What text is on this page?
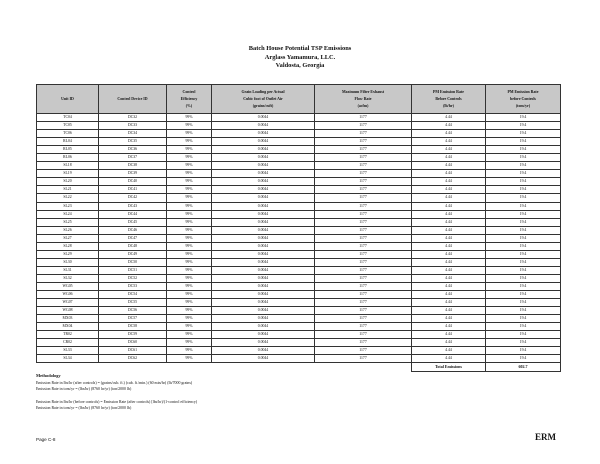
Batch House Potential TSP Emissions
Arglass Yamamura, LLC.
Valdosta, Georgia
Unit ID	Control Device ID	Control
Efficiency
(%)	Grain Loading per Actual
Cubic foot of Outlet Air
(grains/cuft)	Maximum Filter Exhaust
Flow Rate
(acfm)	PM Emission Rate
Before Controls
(lb/hr)	PM Emission Rate
before Controls
(tons/yr)
TC04	DC32	99%	0.0044	1177	4.44	19.4
TC05	DC33	99%	0.0044	1177	4.44	19.4
TC06	DC34	99%	0.0044	1177	4.44	19.4
RL04	DC35	99%	0.0044	1177	4.44	19.4
RL05	DC36	99%	0.0044	1177	4.44	19.4
RL06	DC37	99%	0.0044	1177	4.44	19.4
SL18	DC38	99%	0.0044	1177	4.44	19.4
SL19	DC39	99%	0.0044	1177	4.44	19.4
SL20	DC40	99%	0.0044	1177	4.44	19.4
SL21	DC41	99%	0.0044	1177	4.44	19.4
SL22	DC42	99%	0.0044	1177	4.44	19.4
SL23	DC43	99%	0.0044	1177	4.44	19.4
SL24	DC44	99%	0.0044	1177	4.44	19.4
SL25	DC45	99%	0.0044	1177	4.44	19.4
SL26	DC46	99%	0.0044	1177	4.44	19.4
SL27	DC47	99%	0.0044	1177	4.44	19.4
SL28	DC48	99%	0.0044	1177	4.44	19.4
SL29	DC49	99%	0.0044	1177	4.44	19.4
SL30	DC50	99%	0.0044	1177	4.44	19.4
SL31	DC51	99%	0.0044	1177	4.44	19.4
SL32	DC52	99%	0.0044	1177	4.44	19.4
WG05	DC53	99%	0.0044	1177	4.44	19.4
WG06	DC54	99%	0.0044	1177	4.44	19.4
WG07	DC55	99%	0.0044	1177	4.44	19.4
WG08	DC56	99%	0.0044	1177	4.44	19.4
MX03	DC57	99%	0.0044	1177	4.44	19.4
MX04	DC58	99%	0.0044	1177	4.44	19.4
TR02	DC59	99%	0.0044	1177	4.44	19.4
CR02	DC60	99%	0.0044	1177	4.44	19.4
SL33	DC61	99%	0.0044	1177	4.44	19.4
SL34	DC62	99%	0.0044	1177	4.44	19.4
					Total Emissions	602.7
Methodology
Emission Rate in lbs/hr (after controls) = (grains/cub. ft.) (cub. ft./min.) (60 min/hr) (lb/7000 grains)
Emission Rate in tons/yr = (lbs/hr) (8760 hr/yr) (ton/2000 lb)
Emission Rate in lbs/hr (before controls) = Emission Rate (after controls) [lbs/hr)/(1-control efficiency)
Emission Rate in tons/yr = (lbs/hr) (8760 hr/yr) (ton/2000 lb)
Page C-8	ERM
